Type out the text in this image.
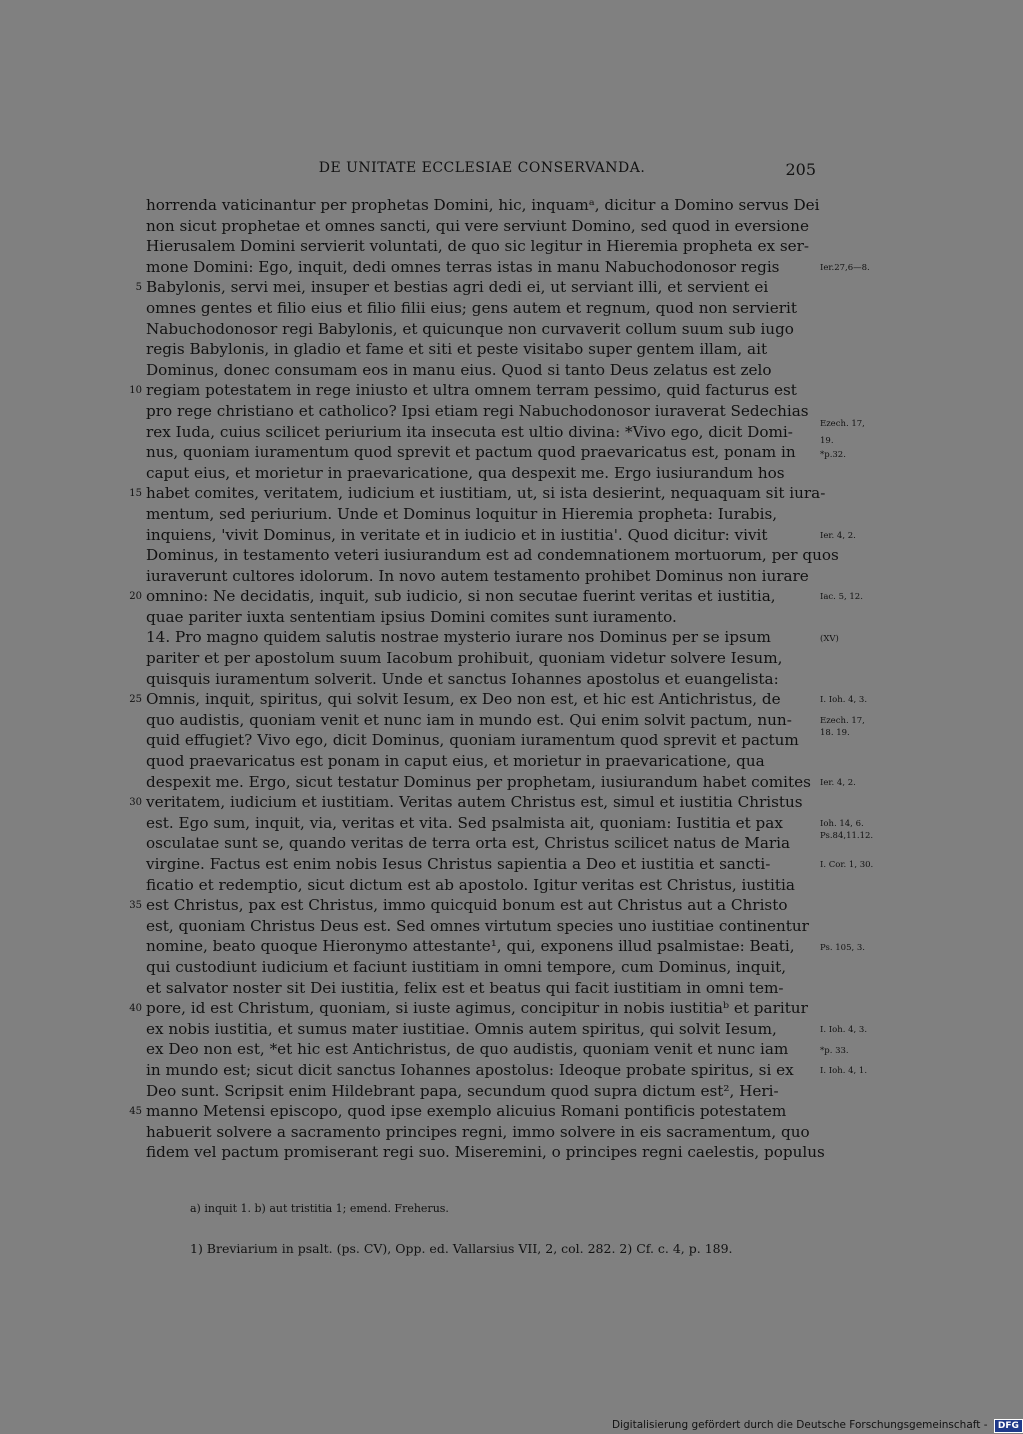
DE UNITATE ECCLESIAE CONSERVANDA.	205
horrenda vaticinantur per prophetas Domini, hic, inquamᵃ, dicitur a Domino servus Dei
non sicut prophetae et omnes sancti, qui vere serviunt Domino, sed quod in eversione
Hierusalem Domini servierit voluntati, de quo sic legitur in Hieremia propheta ex ser-
mone Domini: Ego, inquit, dedi omnes terras istas in manu Nabuchodonosor regis
Babylonis, servi mei, insuper et bestias agri dedi ei, ut serviant illi, et servient ei
omnes gentes et filio eius et filio filii eius; gens autem et regnum, quod non servierit
Nabuchodonosor regi Babylonis, et quicunque non curvaverit collum suum sub iugo
regis Babylonis, in gladio et fame et siti et peste visitabo super gentem illam, ait
Dominus, donec consumam eos in manu eius. Quod si tanto Deus zelatus est zelo
regiam potestatem in rege iniusto et ultra omnem terram pessimo, quid facturus est
pro rege christiano et catholico? Ipsi etiam regi Nabuchodonosor iuraverat Sedechias
rex Iuda, cuius scilicet periurium ita insecuta est ultio divina: *Vivo ego, dicit Domi-
nus, quoniam iuramentum quod sprevit et pactum quod praevaricatus est, ponam in
caput eius, et morietur in praevaricatione, qua despexit me. Ergo iusiurandum hos
habet comites, veritatem, iudicium et iustitiam, ut, si ista desierint, nequaquam sit iura-
mentum, sed periurium. Unde et Dominus loquitur in Hieremia propheta: Iurabis,
inquiens, 'vivit Dominus, in veritate et in iudicio et in iustitia'. Quod dicitur: vivit
Dominus, in testamento veteri iusiurandum est ad condemnationem mortuorum, per quos
iuraverunt cultores idolorum. In novo autem testamento prohibet Dominus non iurare
omnino: Ne decidatis, inquit, sub iudicio, si non secutae fuerint veritas et iustitia,
quae pariter iuxta sententiam ipsius Domini comites sunt iuramento.
14. Pro magno quidem salutis nostrae mysterio iurare nos Dominus per se ipsum
pariter et per apostolum suum Iacobum prohibuit, quoniam videtur solvere Iesum,
quisquis iuramentum solverit. Unde et sanctus Iohannes apostolus et euangelista:
Omnis, inquit, spiritus, qui solvit Iesum, ex Deo non est, et hic est Antichristus, de
quo audistis, quoniam venit et nunc iam in mundo est. Qui enim solvit pactum, nun-
quid effugiet? Vivo ego, dicit Dominus, quoniam iuramentum quod sprevit et pactum
quod praevaricatus est ponam in caput eius, et morietur in praevaricatione, qua
despexit me. Ergo, sicut testatur Dominus per prophetam, iusiurandum habet comites
veritatem, iudicium et iustitiam. Veritas autem Christus est, simul et iustitia Christus
est. Ego sum, inquit, via, veritas et vita. Sed psalmista ait, quoniam: Iustitia et pax
osculatae sunt se, quando veritas de terra orta est, Christus scilicet natus de Maria
virgine. Factus est enim nobis Iesus Christus sapientia a Deo et iustitia et sancti-
ficatio et redemptio, sicut dictum est ab apostolo. Igitur veritas est Christus, iustitia
est Christus, pax est Christus, immo quicquid bonum est aut Christus aut a Christo
est, quoniam Christus Deus est. Sed omnes virtutum species uno iustitiae continentur
nomine, beato quoque Hieronymo attestante¹, qui, exponens illud psalmistae: Beati,
qui custodiunt iudicium et faciunt iustitiam in omni tempore, cum Dominus, inquit,
et salvator noster sit Dei iustitia, felix est et beatus qui facit iustitiam in omni tem-
pore, id est Christum, quoniam, si iuste agimus, concipitur in nobis iustitiaᵇ et paritur
ex nobis iustitia, et sumus mater iustitiae. Omnis autem spiritus, qui solvit Iesum,
ex Deo non est, *et hic est Antichristus, de quo audistis, quoniam venit et nunc iam
in mundo est; sicut dicit sanctus Iohannes apostolus: Ideoque probate spiritus, si ex
Deo sunt. Scripsit enim Hildebrant papa, secundum quod supra dictum est², Heri-
manno Metensi episcopo, quod ipse exemplo alicuius Romani pontificis potestatem
habuerit solvere a sacramento principes regni, immo solvere in eis sacramentum, quo
fidem vel pactum promiserant regi suo. Miseremini, o principes regni caelestis, populus
5
10
15
20
25
30
35
40
45
Ier.27,6—8.
Ezech. 17,
19.
*p.32.
Ier. 4, 2.
Iac. 5, 12.
(XV)
I. Ioh. 4, 3.
Ezech. 17,
18. 19.
Ier. 4, 2.
Ioh. 14, 6.
Ps.84,11.12.
I. Cor. 1, 30.
Ps. 105, 3.
I. Ioh. 4, 3.
*p. 33.
I. Ioh. 4, 1.
a) inquit 1. b) aut tristitia 1; emend. Freherus.
1) Breviarium in psalt. (ps. CV), Opp. ed. Vallarsius VII, 2, col. 282. 2) Cf. c. 4, p. 189.
Digitalisierung gefördert durch die Deutsche Forschungsgemeinschaft - DFG
